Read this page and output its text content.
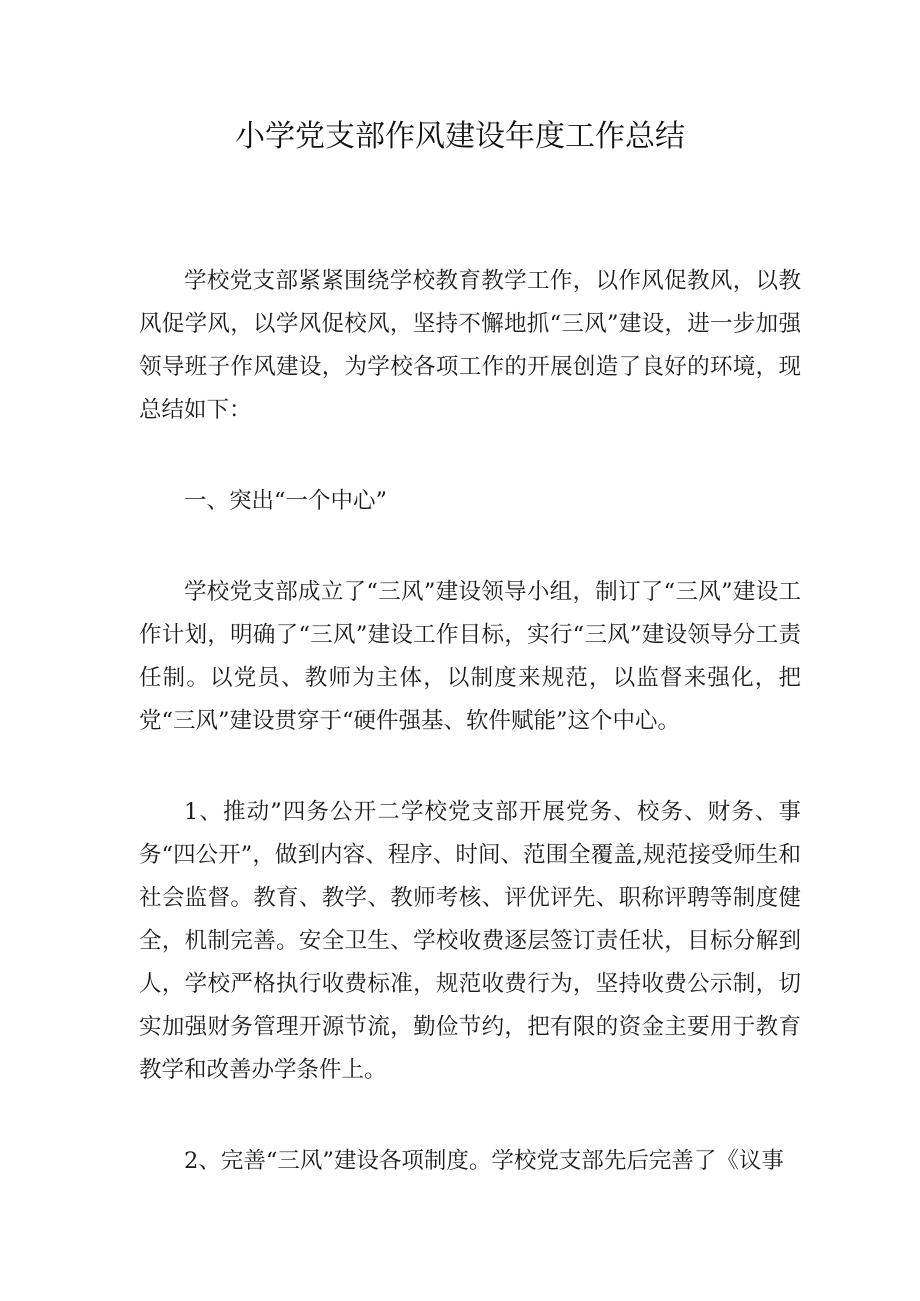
小学党支部作风建设年度工作总结

学校党支部紧紧围绕学校教育教学工作，以作风促教风，以教风促学风，以学风促校风，坚持不懈地抓“三风”建设，进一步加强领导班子作风建设，为学校各项工作的开展创造了良好的环境，现总结如下：

一、突出“一个中心”

学校党支部成立了“三风”建设领导小组，制订了“三风”建设工作计划，明确了“三风”建设工作目标，实行“三风”建设领导分工责任制。以党员、教师为主体，以制度来规范，以监督来强化，把党“三风”建设贯穿于“硬件强基、软件赋能”这个中心。

1、推动”四务公开二学校党支部开展党务、校务、财务、事务“四公开”，做到内容、程序、时间、范围全覆盖,规范接受师生和社会监督。教育、教学、教师考核、评优评先、职称评聘等制度健全，机制完善。安全卫生、学校收费逐层签订责任状，目标分解到人，学校严格执行收费标准，规范收费行为，坚持收费公示制，切实加强财务管理开源节流，勤俭节约，把有限的资金主要用于教育教学和改善办学条件上。

2、完善“三风”建设各项制度。学校党支部先后完善了《议事
